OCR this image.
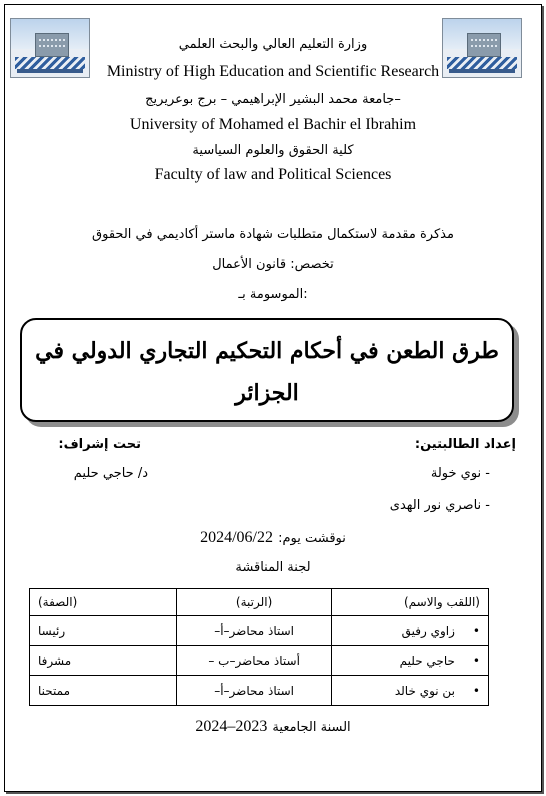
وزارة التعليم العالي والبحث العلمي
Ministry of High Education and Scientific Research
جامعة محمد البشير الإبراهيمي – برج بوعريريج–
University of Mohamed el Bachir el Ibrahim
كلية الحقوق والعلوم السياسية
Faculty of law and Political Sciences
مذكرة مقدمة لاستكمال متطلبات شهادة ماستر أكاديمي في الحقوق
تخصص: قانون الأعمال
الموسومة بـ:
طرق الطعن في أحكام التحكيم التجاري الدولي في الجزائر
إعداد الطالبتين:
- نوي خولة
- ناصري نور الهدى
تحت إشراف:
د/ حاجي حليم
نوقشت يوم: 2024/06/22
لجنة المناقشة
(اللقب والاسم)	(الرتبة)	(الصفة)
•زاوي رفيق	استاذ محاضر–أ–	رئيسا
•حاجي حليم	أستاذ محاضر–ب –	مشرفا
•بن نوي خالد	استاذ محاضر–أ–	ممتحنا
السنة الجامعية 2023–2024
